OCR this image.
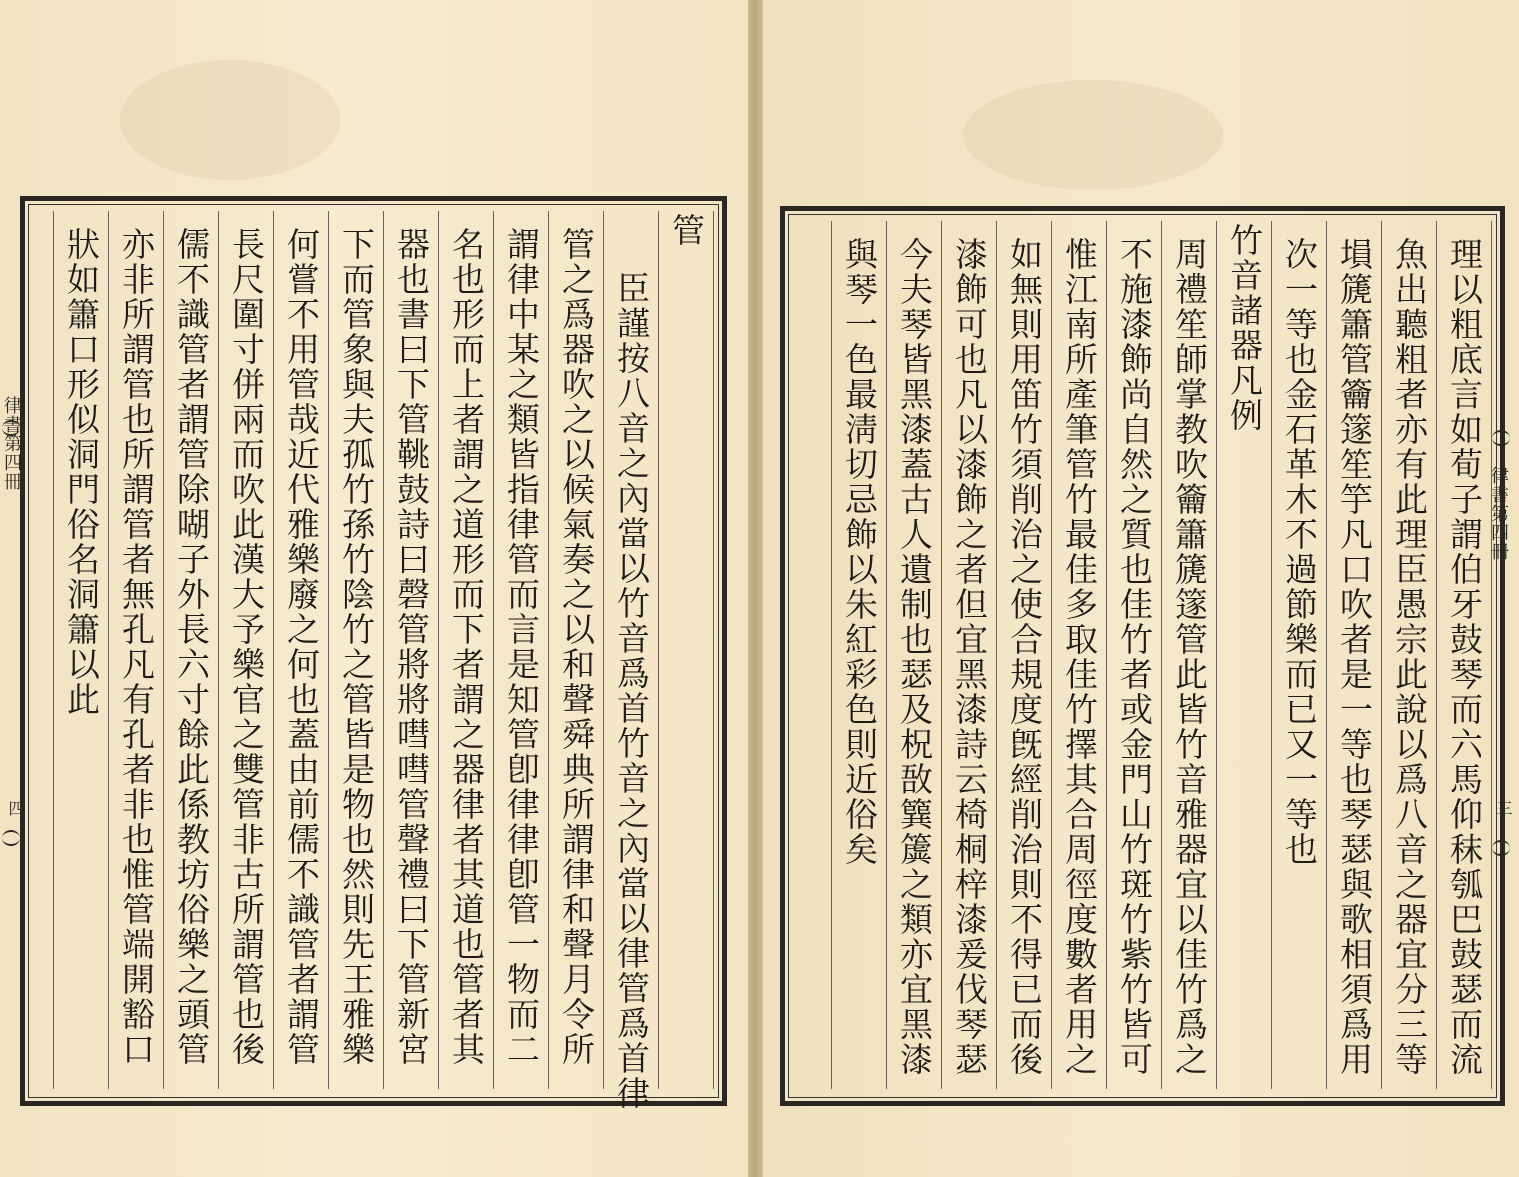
律書第四冊
四
管
臣謹按八音之內當以竹音爲首竹音之內當以律管爲首律
管之爲器吹之以候氣奏之以和聲舜典所謂律和聲月令所
謂律中某之類皆指律管而言是知管卽律律卽管一物而二
名也形而上者謂之道形而下者謂之器律者其道也管者其
器也書曰下管鞉鼓詩曰磬管將將嘒嘒管聲禮曰下管新宮
下而管象與夫孤竹孫竹陰竹之管皆是物也然則先王雅樂
何嘗不用管哉近代雅樂廢之何也蓋由前儒不識管者謂管
長尺圍寸併兩而吹此漢大予樂官之雙管非古所謂管也後
儒不識管者謂管除㗅子外長六寸餘此係教坊俗樂之頭管
亦非所謂管也所謂管者無孔凡有孔者非也惟管端開豁口
狀如簫口形似洞門俗名洞簫以此	理以粗底言如荀子謂伯牙鼓琴而六馬仰秣瓠巴鼓瑟而流
魚出聽粗者亦有此理臣愚宗此說以爲八音之器宜分三等
塤篪簫管籥篴笙竽凡口吹者是一等也琴瑟與歌相須爲用
次一等也金石革木不過節樂而已又一等也
竹音諸器凡例
周禮笙師掌教吹籥簫篪篴管此皆竹音雅器宜以佳竹爲之
不施漆飾尚自然之質也佳竹者或金門山竹斑竹紫竹皆可
惟江南所產筆管竹最佳多取佳竹擇其合周徑度數者用之
如無則用笛竹須削治之使合規度旣經削治則不得已而後
漆飾可也凡以漆飾之者但宜黑漆詩云椅桐梓漆爰伐琴瑟
今夫琴皆黑漆蓋古人遺制也瑟及柷敔簨簴之類亦宜黑漆
與琴一色最淸切忌飾以朱紅彩色則近俗矣	律書第四冊
三
